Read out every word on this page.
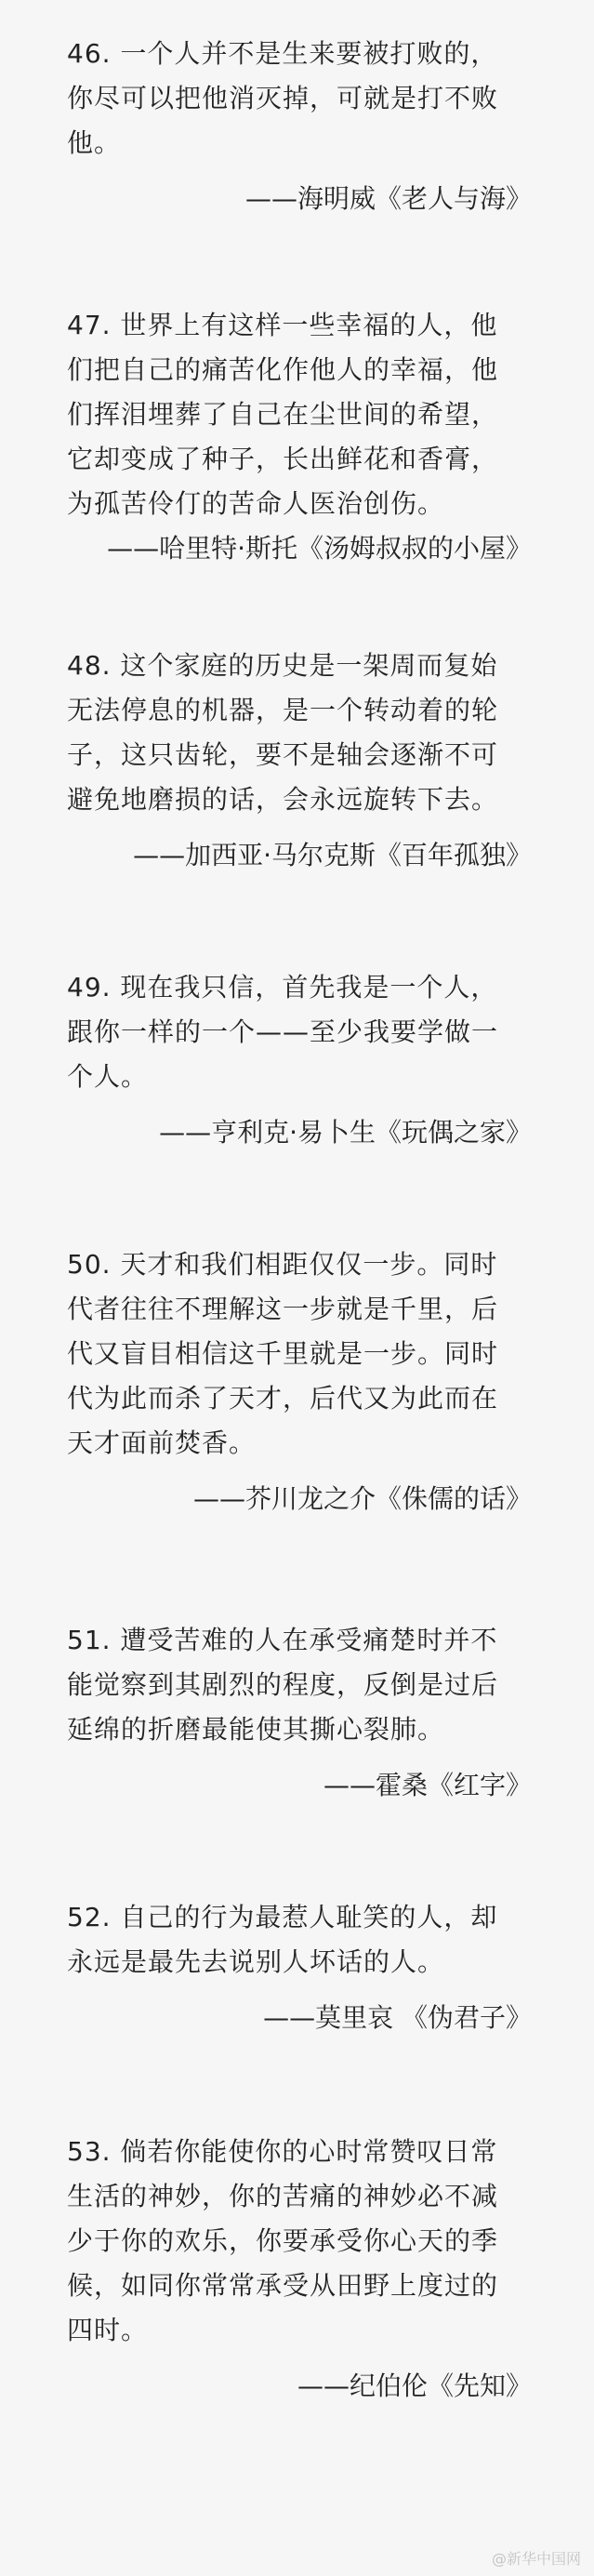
46. 一个人并不是生来要被打败的，
你尽可以把他消灭掉，可就是打不败
他。
——海明威《老人与海》
47. 世界上有这样一些幸福的人，他
们把自己的痛苦化作他人的幸福，他
们挥泪埋葬了自己在尘世间的希望，
它却变成了种子，长出鲜花和香膏，
为孤苦伶仃的苦命人医治创伤。
——哈里特·斯托《汤姆叔叔的小屋》
48. 这个家庭的历史是一架周而复始
无法停息的机器，是一个转动着的轮
子，这只齿轮，要不是轴会逐渐不可
避免地磨损的话，会永远旋转下去。
——加西亚·马尔克斯《百年孤独》
49. 现在我只信，首先我是一个人，
跟你一样的一个——至少我要学做一
个人。
——亨利克·易卜生《玩偶之家》
50. 天才和我们相距仅仅一步。同时
代者往往不理解这一步就是千里，后
代又盲目相信这千里就是一步。同时
代为此而杀了天才，后代又为此而在
天才面前焚香。
——芥川龙之介《侏儒的话》
51. 遭受苦难的人在承受痛楚时并不
能觉察到其剧烈的程度，反倒是过后
延绵的折磨最能使其撕心裂肺。
——霍桑《红字》
52. 自己的行为最惹人耻笑的人，却
永远是最先去说别人坏话的人。
——莫里哀 《伪君子》
53. 倘若你能使你的心时常赞叹日常
生活的神妙，你的苦痛的神妙必不减
少于你的欢乐，你要承受你心天的季
候，如同你常常承受从田野上度过的
四时。
——纪伯伦《先知》
@新华中国网
